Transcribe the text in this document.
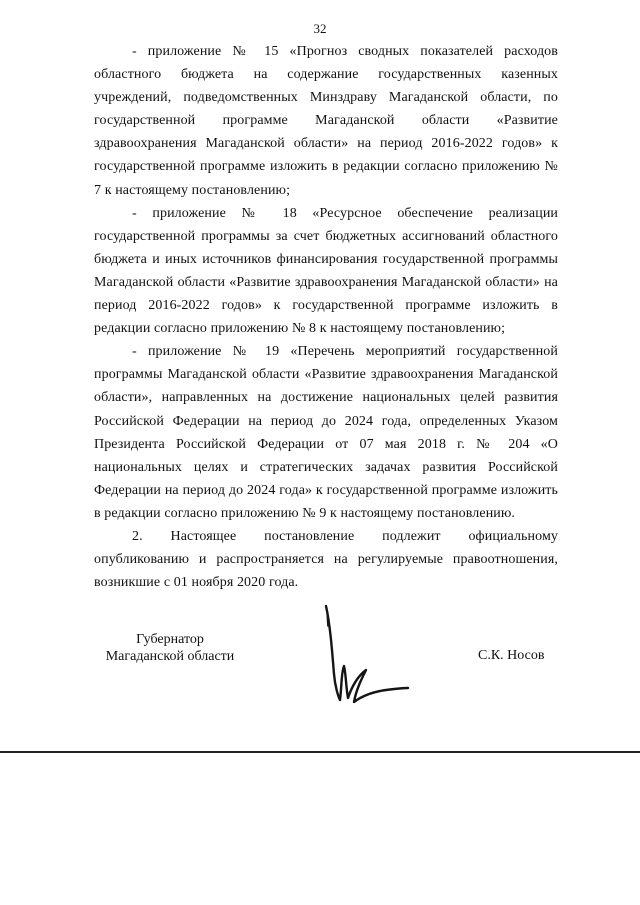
32

- приложение № 15 «Прогноз сводных показателей расходов областного бюджета на содержание государственных казенных учреждений, подведомственных Минздраву Магаданской области, по государственной программе Магаданской области «Развитие здравоохранения Магаданской области» на период 2016-2022 годов» к государственной программе изложить в редакции согласно приложению № 7 к настоящему постановлению;

- приложение № 18 «Ресурсное обеспечение реализации государственной программы за счет бюджетных ассигнований областного бюджета и иных источников финансирования государственной программы Магаданской области «Развитие здравоохранения Магаданской области» на период 2016-2022 годов» к государственной программе изложить в редакции согласно приложению № 8 к настоящему постановлению;

- приложение № 19 «Перечень мероприятий государственной программы Магаданской области «Развитие здравоохранения Магаданской области», направленных на достижение национальных целей развития Российской Федерации на период до 2024 года, определенных Указом Президента Российской Федерации от 07 мая 2018 г. № 204 «О национальных целях и стратегических задачах развития Российской Федерации на период до 2024 года» к государственной программе изложить в редакции согласно приложению № 9 к настоящему постановлению.

2. Настоящее постановление подлежит официальному опубликованию и распространяется на регулируемые правоотношения, возникшие с 01 ноября 2020 года.

Губернатор
Магаданской области	С.К. Носов
